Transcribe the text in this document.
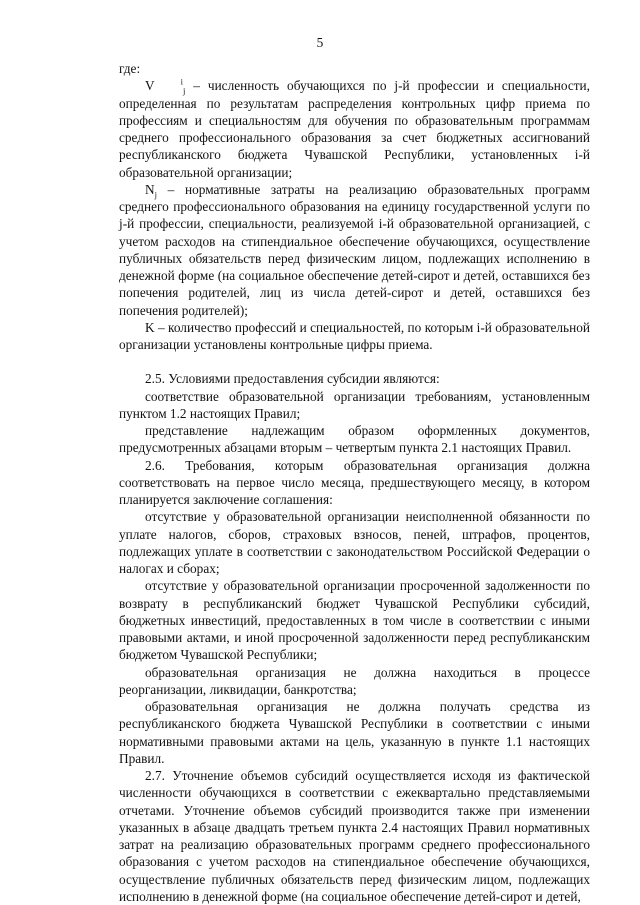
5

где:

V	$^i_j$ – численность обучающихся по j-й профессии и специальности, определенная по результатам распределения контрольных цифр приема по профессиям и специальностям для обучения по образовательным программам среднего профессионального образования за счет бюджетных ассигнований республиканского бюджета Чувашской Республики, установленных i-й образовательной организации;

$N_j$ – нормативные затраты на реализацию образовательных программ среднего профессионального образования на единицу государственной услуги по j-й профессии, специальности, реализуемой i-й образовательной организацией, с учетом расходов на стипендиальное обеспечение обучающихся, осуществление публичных обязательств перед физическим лицом, подлежащих исполнению в денежной форме (на социальное обеспечение детей-сирот и детей, оставшихся без попечения родителей, лиц из числа детей-сирот и детей, оставшихся без попечения родителей);

K – количество профессий и специальностей, по которым i-й образовательной организации установлены контрольные цифры приема.

2.5. Условиями предоставления субсидии являются:

соответствие образовательной организации требованиям, установленным пунктом 1.2 настоящих Правил;

представление надлежащим образом оформленных документов, предусмотренных абзацами вторым – четвертым пункта 2.1 настоящих Правил.

2.6. Требования, которым образовательная организация должна соответствовать на первое число месяца, предшествующего месяцу, в котором планируется заключение соглашения:

отсутствие у образовательной организации неисполненной обязанности по уплате налогов, сборов, страховых взносов, пеней, штрафов, процентов, подлежащих уплате в соответствии с законодательством Российской Федерации о налогах и сборах;

отсутствие у образовательной организации просроченной задолженности по возврату в республиканский бюджет Чувашской Республики субсидий, бюджетных инвестиций, предоставленных в том числе в соответствии с иными правовыми актами, и иной просроченной задолженности перед республиканским бюджетом Чувашской Республики;

образовательная организация не должна находиться в процессе реорганизации, ликвидации, банкротства;

образовательная организация не должна получать средства из республиканского бюджета Чувашской Республики в соответствии с иными нормативными правовыми актами на цель, указанную в пункте 1.1 настоящих Правил.

2.7. Уточнение объемов субсидий осуществляется исходя из фактической численности обучающихся в соответствии с ежеквартально представляемыми отчетами. Уточнение объемов субсидий производится также при изменении указанных в абзаце двадцать третьем пункта 2.4 настоящих Правил нормативных затрат на реализацию образовательных программ среднего профессионального образования с учетом расходов на стипендиальное обеспечение обучающихся, осуществление публичных обязательств перед физическим лицом, подлежащих исполнению в денежной форме (на социальное обеспечение детей-сирот и детей,
